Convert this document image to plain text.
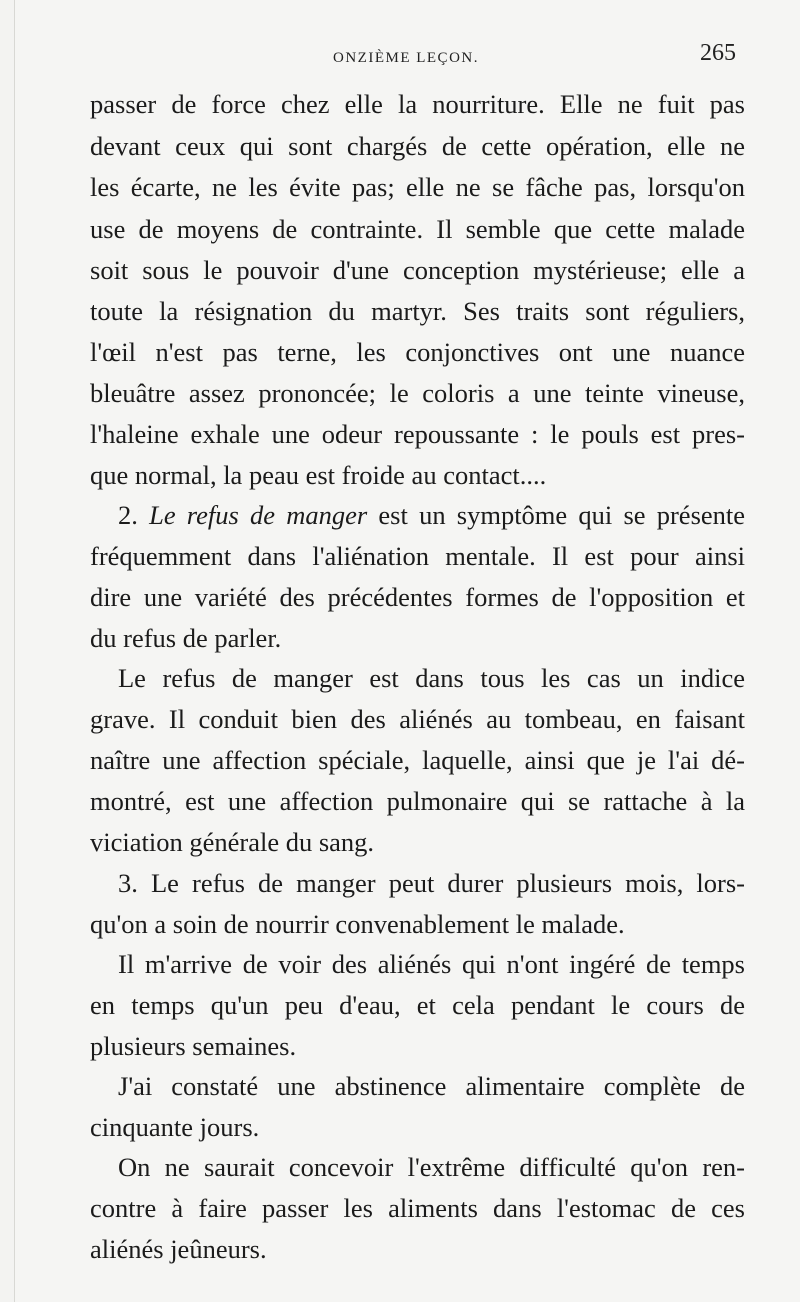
ONZIÈME LEÇON.	265
passer de force chez elle la nourriture. Elle ne fuit pas
devant ceux qui sont chargés de cette opération, elle ne
les écarte, ne les évite pas; elle ne se fâche pas, lorsqu'on
use de moyens de contrainte. Il semble que cette malade
soit sous le pouvoir d'une conception mystérieuse; elle a
toute la résignation du martyr. Ses traits sont réguliers,
l'œil n'est pas terne, les conjonctives ont une nuance
bleuâtre assez prononcée; le coloris a une teinte vineuse,
l'haleine exhale une odeur repoussante : le pouls est pres-
que normal, la peau est froide au contact....
2. Le refus de manger est un symptôme qui se présente
fréquemment dans l'aliénation mentale. Il est pour ainsi
dire une variété des précédentes formes de l'opposition et
du refus de parler.
Le refus de manger est dans tous les cas un indice
grave. Il conduit bien des aliénés au tombeau, en faisant
naître une affection spéciale, laquelle, ainsi que je l'ai dé-
montré, est une affection pulmonaire qui se rattache à la
viciation générale du sang.
3. Le refus de manger peut durer plusieurs mois, lors-
qu'on a soin de nourrir convenablement le malade.
Il m'arrive de voir des aliénés qui n'ont ingéré de temps
en temps qu'un peu d'eau, et cela pendant le cours de
plusieurs semaines.
J'ai constaté une abstinence alimentaire complète de
cinquante jours.
On ne saurait concevoir l'extrême difficulté qu'on ren-
contre à faire passer les aliments dans l'estomac de ces
aliénés jeûneurs.
